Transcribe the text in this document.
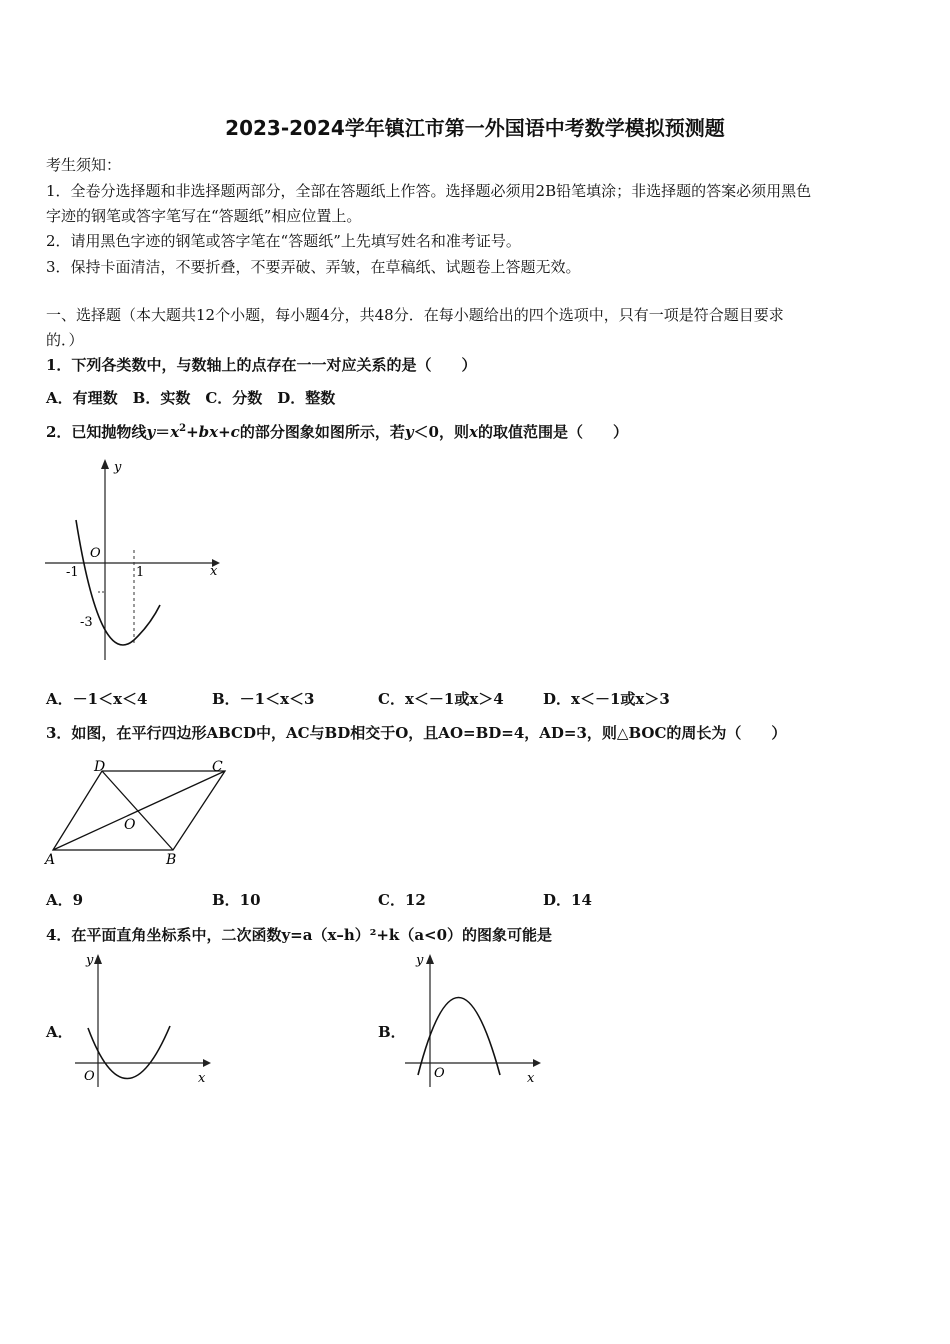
2023-2024学年镇江市第一外国语中考数学模拟预测题
考生须知：
1．全卷分选择题和非选择题两部分，全部在答题纸上作答。选择题必须用2B铅笔填涂；非选择题的答案必须用黑色
字迹的钢笔或答字笔写在“答题纸”相应位置上。
2．请用黑色字迹的钢笔或答字笔在“答题纸”上先填写姓名和准考证号。
3．保持卡面清洁，不要折叠，不要弄破、弄皱，在草稿纸、试题卷上答题无效。
一、选择题（本大题共12个小题，每小题4分，共48分．在每小题给出的四个选项中，只有一项是符合题目要求
的．）
1．下列各类数中，与数轴上的点存在一一对应关系的是（　　）
A．有理数　B．实数　C．分数　D．整数
2．已知抛物线$y=x^2+bx+c$的部分图象如图所示，若y＜0，则x的取值范围是（　　）
y
x
O
-1	1
-3
A．－1＜x＜4	B．－1＜x＜3	C．x＜－1或x＞4	D．x＜－1或x＞3
3．如图，在平行四边形ABCD中，AC与BD相交于O，且AO=BD=4，AD=3，则△BOC的周长为（　　）
A	B
C
D
O
A．9	B．10	C．12	D．14
4．在平面直角坐标系中，二次函数y=a（x–h）²+k（a<0）的图象可能是
A．
y
x
O
B．
y
x
O
